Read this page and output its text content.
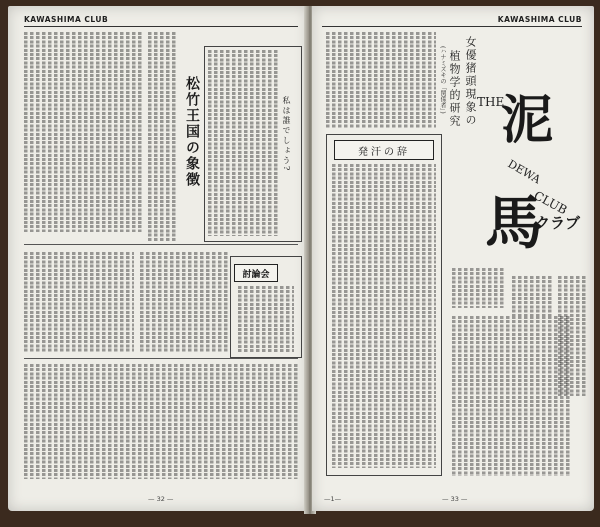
KAWASHIMA CLUB
松竹王国の象徴	私は誰でしょう?
討論会
— 32 —
KAWASHIMA CLUB
女優猪頭現象の
植物学的研究
(ハナミズキの「関係者」)	THE
泥
DEWA
馬
CLUB
クラブ
発汗の辞
—1—	— 33 —
